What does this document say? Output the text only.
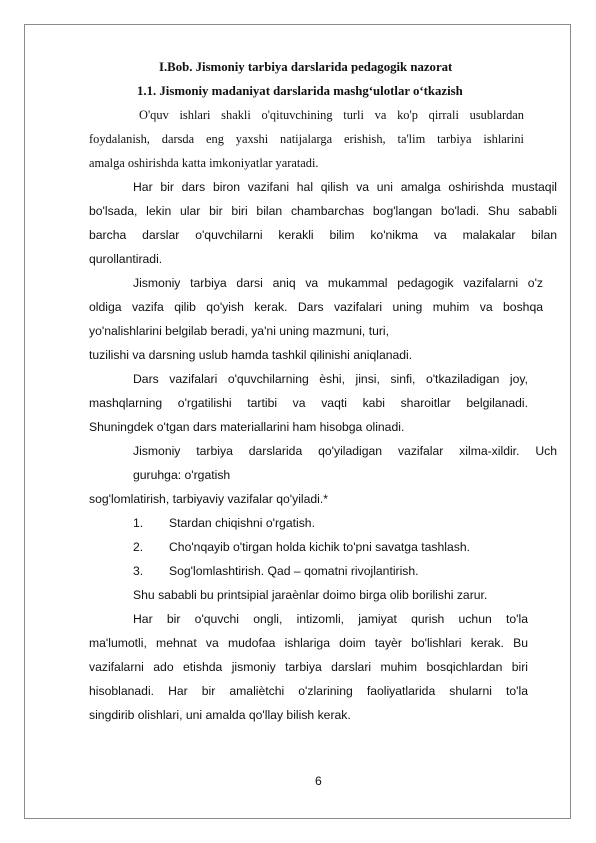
I.Bob. Jismoniy tarbiya darslarida pedagogik nazorat

1.1. Jismoniy madaniyat darslarida mashg‘ulotlar o‘tkazish

O'quv ishlari shakli o'qituvchining turli va ko'p qirrali usublardan

foydalanish, darsda eng yaxshi natijalarga erishish, ta'lim tarbiya ishlarini

amalga oshirishda katta imkoniyatlar yaratadi.

Har bir dars biron vazifani hal qilish va uni amalga oshirishda mustaqil

bo'lsada, lekin ular bir biri bilan chambarchas bog'langan bo'ladi. Shu sababli

barcha darslar o'quvchilarni kerakli bilim ko'nikma va malakalar bilan

qurollantiradi.

Jismoniy tarbiya darsi aniq va mukammal pedagogik vazifalarni o'z

oldiga vazifa qilib qo'yish kerak. Dars vazifalari uning muhim va boshqa

yo'nalishlarini belgilab beradi, ya'ni uning mazmuni, turi,

tuzilishi va darsning uslub hamda tashkil qilinishi aniqlanadi.

Dars vazifalari o'quvchilarning ѐshi, jinsi, sinfi, o'tkaziladigan joy,

mashqlarning o'rgatilishi tartibi va vaqti kabi sharoitlar belgilanadi.

Shuningdek o'tgan dars materiallarini ham hisobga olinadi.

Jismoniy tarbiya darslarida qo'yiladigan vazifalar xilma-xildir. Uch

guruhga: o'rgatish

sog'lomlatirish, tarbiyaviy vazifalar qo'yiladi.*

1. Stardan chiqishni o'rgatish.

2. Cho'nqayib o'tirgan holda kichik to'pni savatga tashlash.

3. Sog'lomlashtirish. Qad – qomatni rivojlantirish.

Shu sababli bu printsipial jaraѐnlar doimo birga olib borilishi zarur.

Har bir o'quvchi ongli, intizomli, jamiyat qurish uchun to'la

ma'lumotli, mehnat va mudofaa ishlariga doim tayѐr bo'lishlari kerak. Bu

vazifalarni ado etishda jismoniy tarbiya darslari muhim bosqichlardan biri

hisoblanadi. Har bir amaliѐtchi o'zlarining faoliyatlarida shularni to'la

singdirib olishlari, uni amalda qo'llay bilish kerak.

6
